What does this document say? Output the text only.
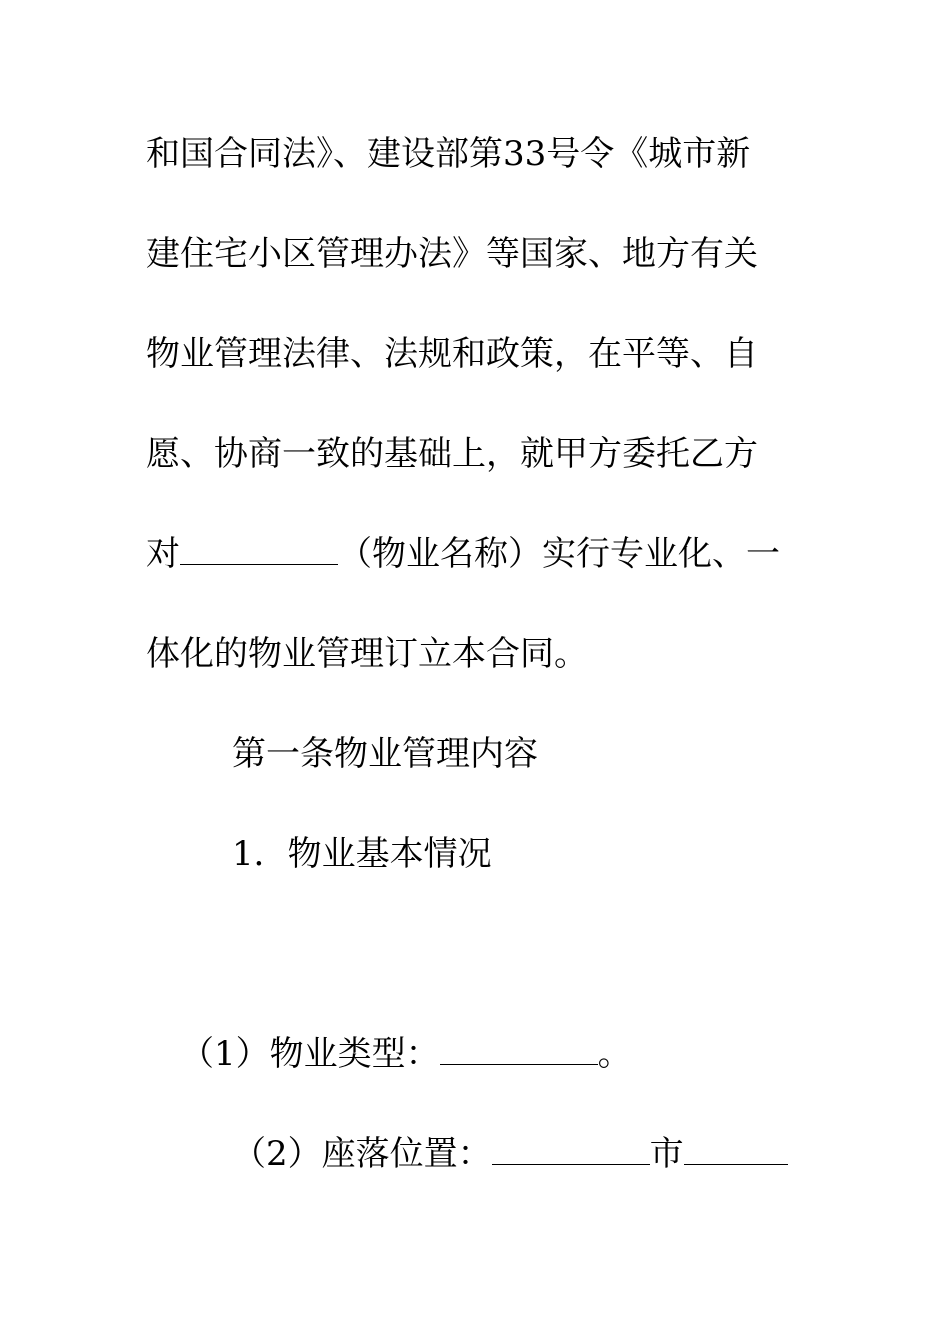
和国合同法》、建设部第33号令《城市新
建住宅小区管理办法》等国家、地方有关
物业管理法律、法规和政策，在平等、自
愿、协商一致的基础上，就甲方委托乙方
对	（物业名称）实行专业化、一
体化的物业管理订立本合同。
第一条物业管理内容
1．物业基本情况
（1）物业类型：	。
（2）座落位置：	市
